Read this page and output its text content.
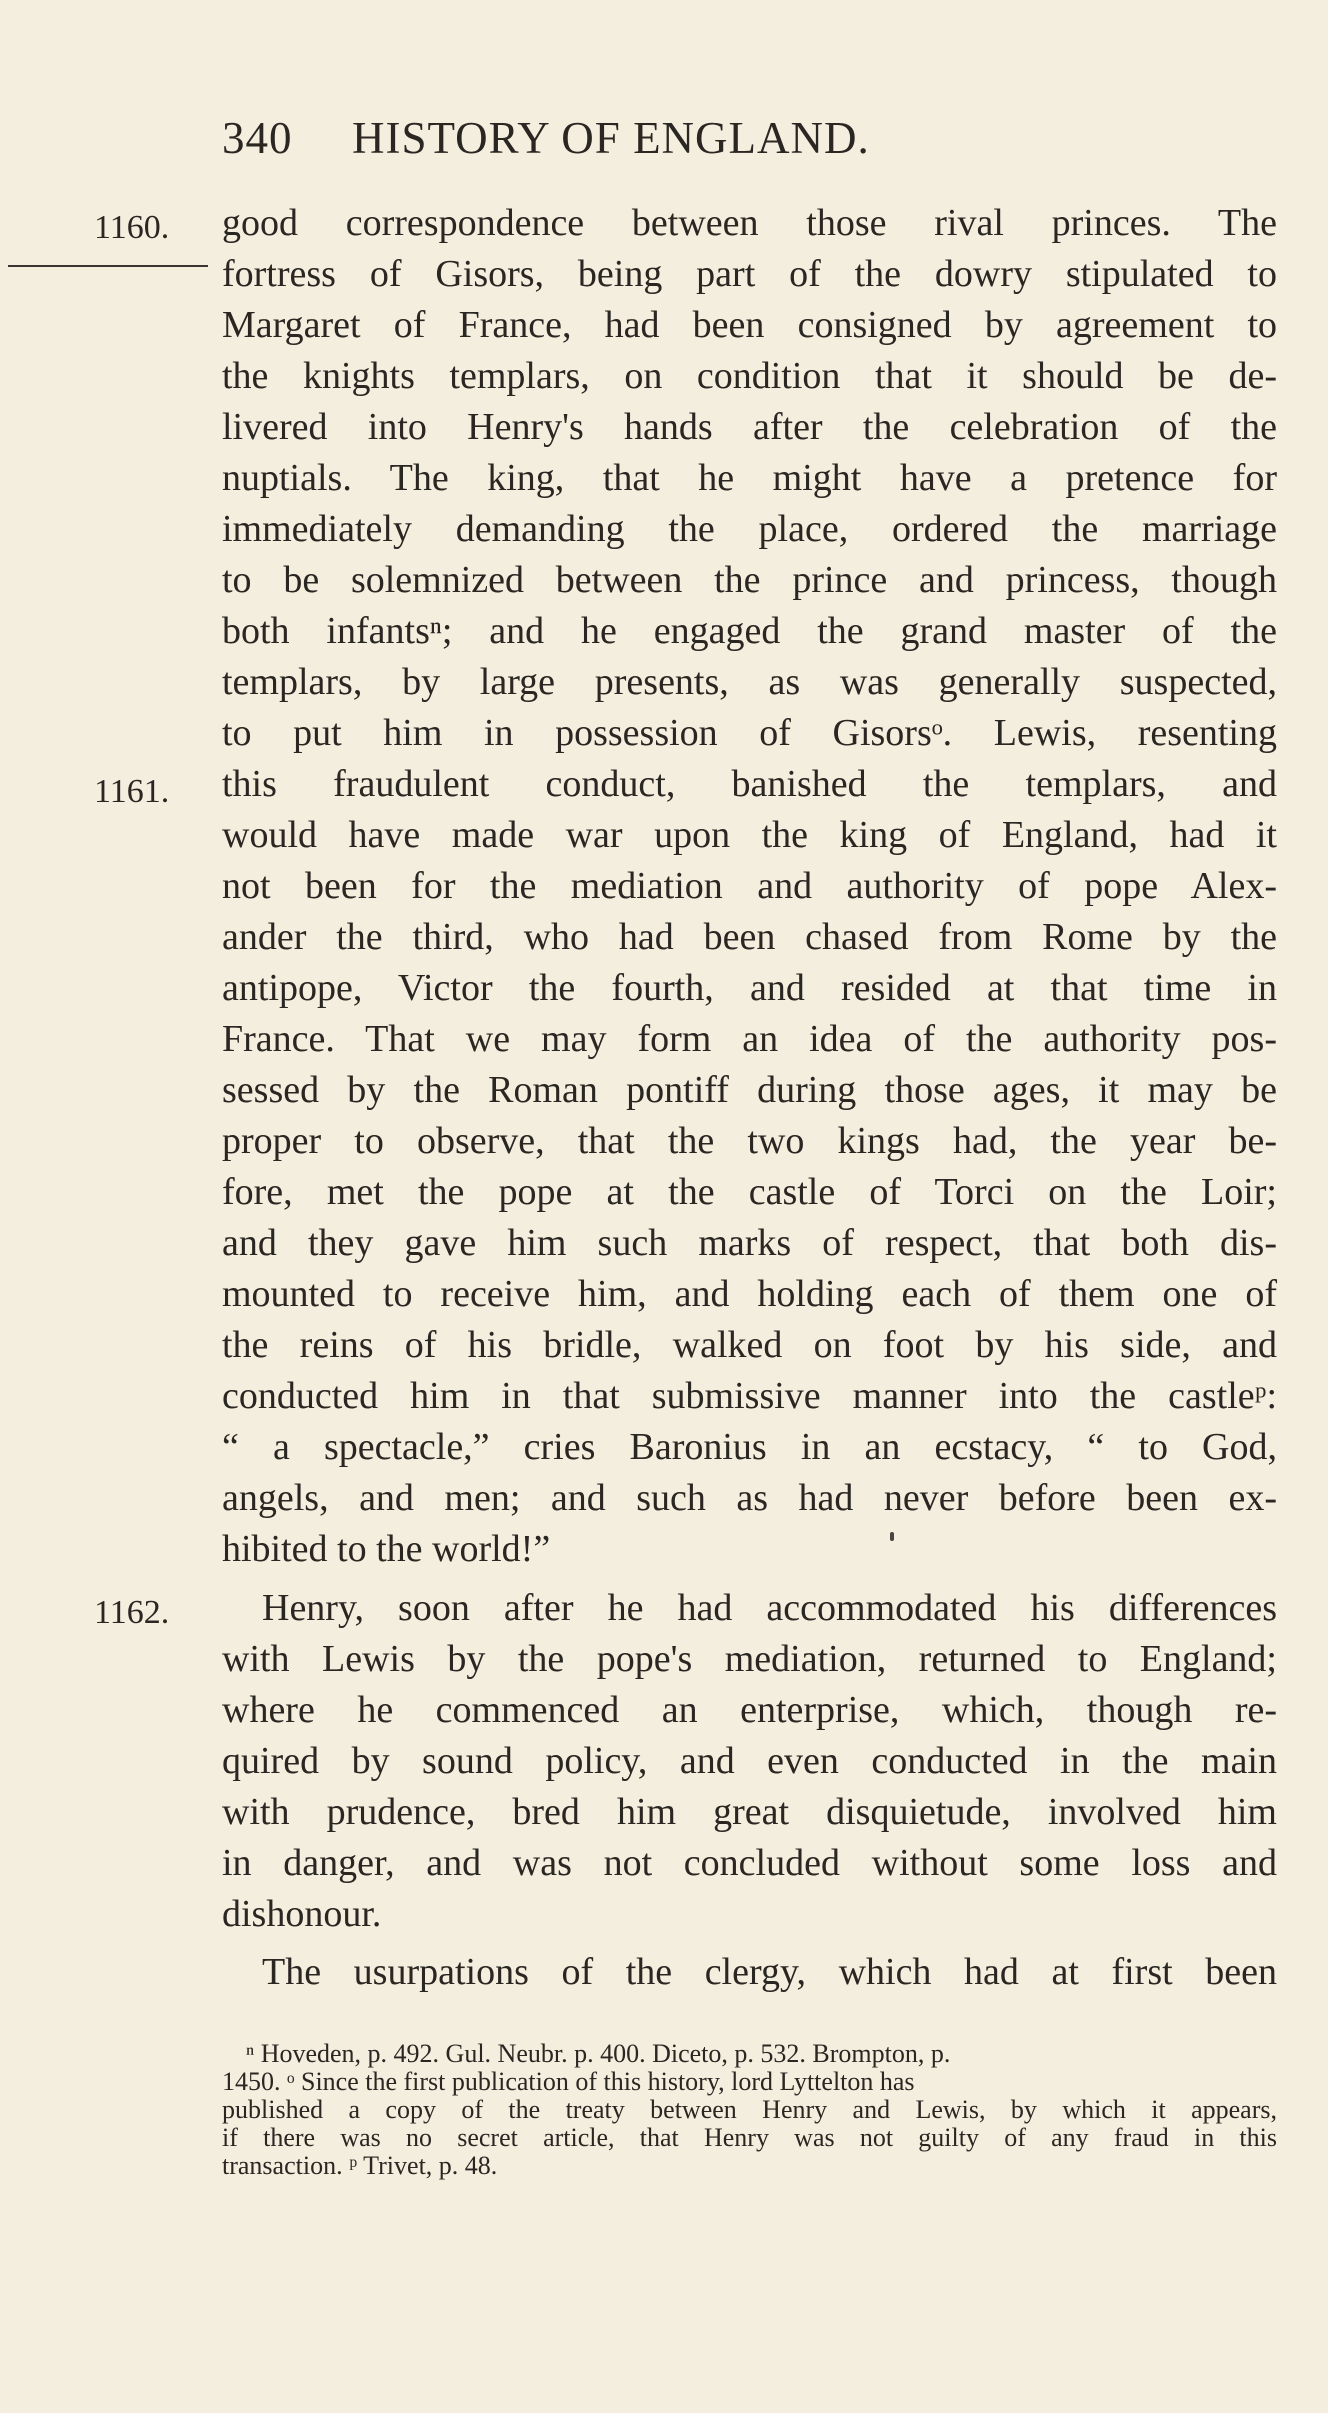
340 HISTORY OF ENGLAND.
1160.
1161.
1162.
good correspondence between those rival princes. The
fortress of Gisors, being part of the dowry stipulated to
Margaret of France, had been consigned by agreement to
the knights templars, on condition that it should be de-
livered into Henry's hands after the celebration of the
nuptials. The king, that he might have a pretence for
immediately demanding the place, ordered the marriage
to be solemnized between the prince and princess, though
both infantsⁿ; and he engaged the grand master of the
templars, by large presents, as was generally suspected,
to put him in possession of Gisorsᵒ. Lewis, resenting
this fraudulent conduct, banished the templars, and
would have made war upon the king of England, had it
not been for the mediation and authority of pope Alex-
ander the third, who had been chased from Rome by the
antipope, Victor the fourth, and resided at that time in
France. That we may form an idea of the authority pos-
sessed by the Roman pontiff during those ages, it may be
proper to observe, that the two kings had, the year be-
fore, met the pope at the castle of Torci on the Loir;
and they gave him such marks of respect, that both dis-
mounted to receive him, and holding each of them one of
the reins of his bridle, walked on foot by his side, and
conducted him in that submissive manner into the castleᵖ:
“ a spectacle,” cries Baronius in an ecstacy, “ to God,
angels, and men; and such as had never before been ex-
hibited to the world!”
Henry, soon after he had accommodated his differences
with Lewis by the pope's mediation, returned to England;
where he commenced an enterprise, which, though re-
quired by sound policy, and even conducted in the main
with prudence, bred him great disquietude, involved him
in danger, and was not concluded without some loss and
dishonour.
The usurpations of the clergy, which had at first been
ⁿ Hoveden, p. 492. Gul. Neubr. p. 400. Diceto, p. 532. Brompton, p.
1450. ᵒ Since the first publication of this history, lord Lyttelton has
published a copy of the treaty between Henry and Lewis, by which it appears,
if there was no secret article, that Henry was not guilty of any fraud in this
transaction. ᵖ Trivet, p. 48.
